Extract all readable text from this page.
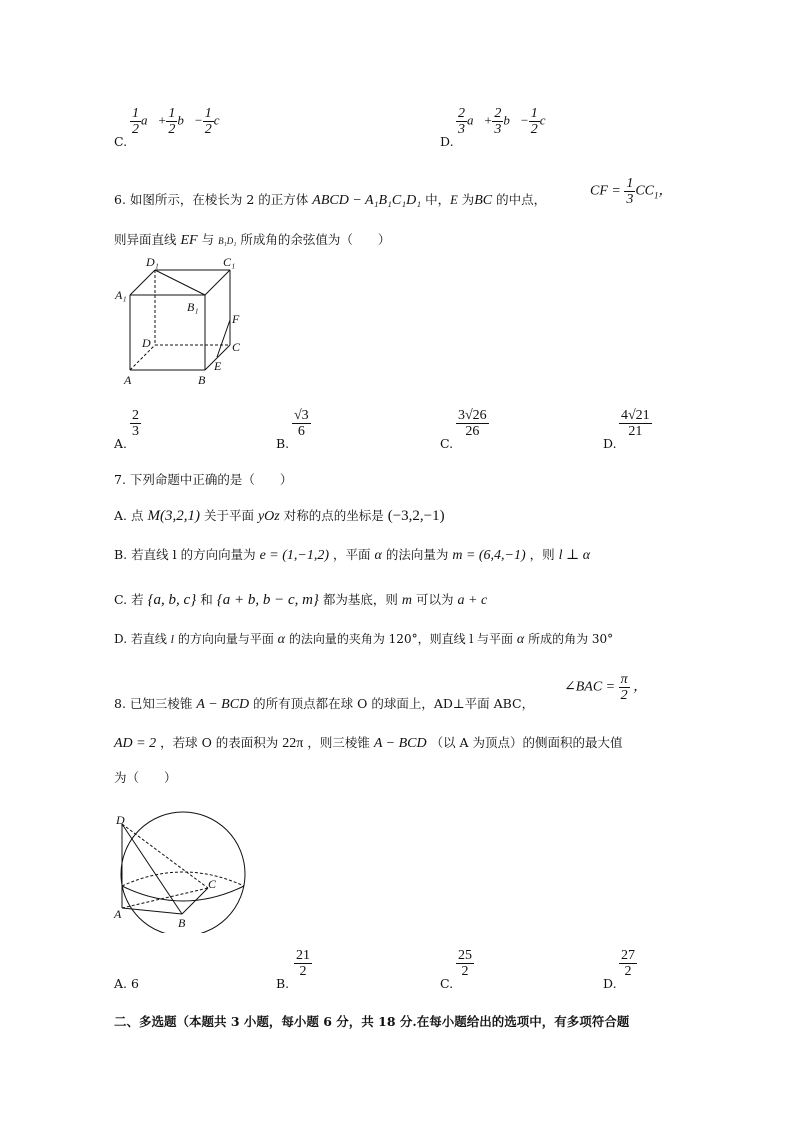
C.
$\frac{1}{2}$ a⃗+ $\frac{1}{2}$ b⃗− $\frac{1}{2}$ c⃗
D.
$\frac{2}{3}$ a⃗+ $\frac{2}{3}$ b⃗− $\frac{1}{2}$ c⃗
6. 如图所示，在棱长为 2 的正方体 ABCD − A₁B₁C₁D₁ 中，E 为BC 的中点，
CF = $\frac{1}{3} CC_1$，
则异面直线 EF 与 B₁D₁ 所成角的余弦值为（　　）
D₁	C₁
A₁
B₁
F
D	C
A	B
E
A.
$\frac{2}{3}$
B.
$\frac{√3}{6}$
C.
$\frac{3√26}{26}$
D.
$\frac{4√21}{21}$
7. 下列命题中正确的是（　　）
A. 点 M(3,2,1) 关于平面 yOz 对称的点的坐标是 (−3,2,−1)
B. 若直线 l 的方向向量为 e = (1,−1,2) ，平面 α 的法向量为 m = (6,4,−1) ，则 l ⊥ α
C. 若 {a, b, c} 和 {a + b, b − c, m} 都为基底，则 m 可以为 a + c
D. 若直线 l 的方向向量与平面 α 的法向量的夹角为 120°，则直线 l 与平面 α 所成的角为 30°
8. 已知三棱锥 A − BCD 的所有顶点都在球 O 的球面上，AD⊥平面 ABC，
∠BAC = $\frac{\pi}{2}$ ，
AD = 2 ，若球 O 的表面积为 22π ，则三棱锥 A − BCD （以 A 为顶点）的侧面积的最大值
为（　　）
D
C
A
B
A. 6	B.
$\frac{21}{2}$
C.
$\frac{25}{2}$
D.
$\frac{27}{2}$
二、多选题（本题共 3 小题，每小题 6 分，共 18 分.在每小题给出的选项中，有多项符合题
